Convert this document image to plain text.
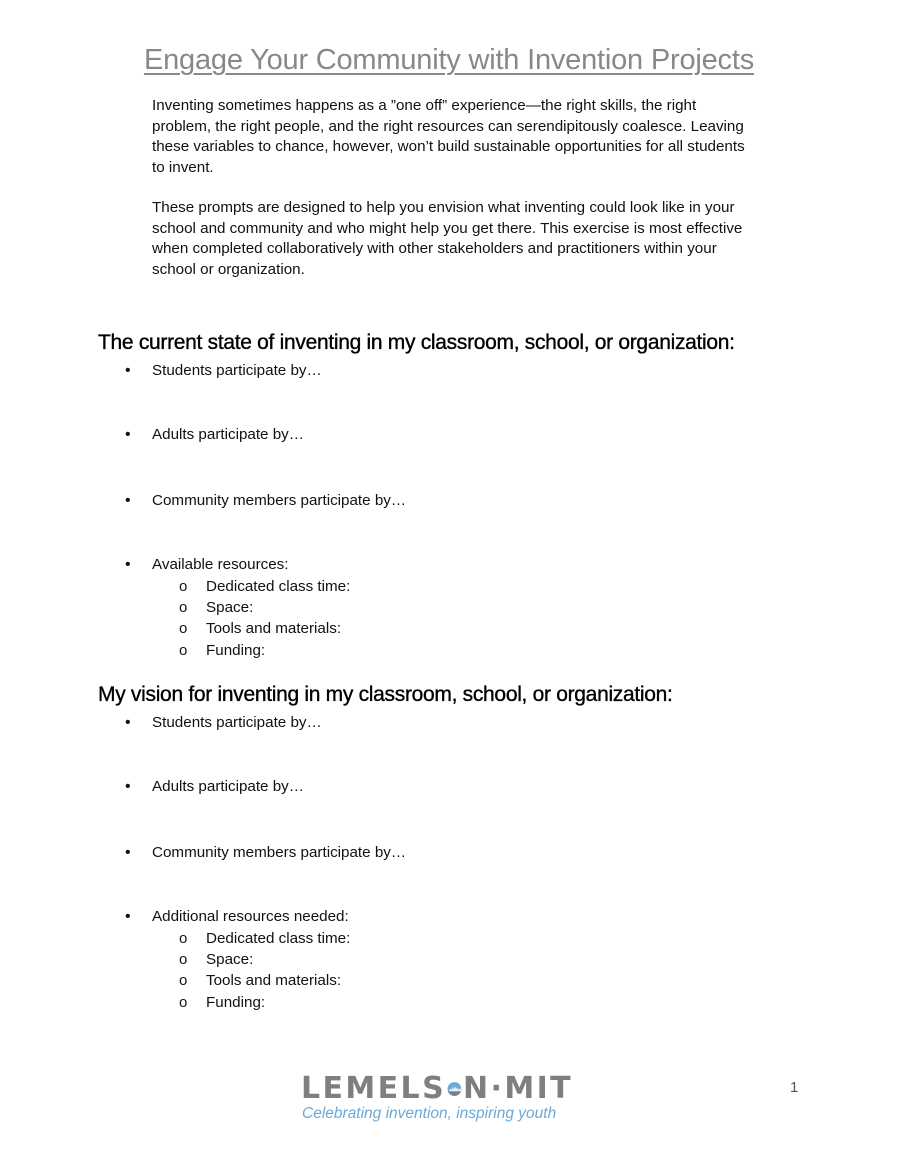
Engage Your Community with Invention Projects

Inventing sometimes happens as a ”one off” experience—the right skills, the right problem, the right people, and the right resources can serendipitously coalesce. Leaving these variables to chance, however, won’t build sustainable opportunities for all students to invent.

These prompts are designed to help you envision what inventing could look like in your school and community and who might help you get there. This exercise is most effective when completed collaboratively with other stakeholders and practitioners within your school or organization.

The current state of inventing in my classroom, school, or organization:
• Students participate by…
• Adults participate by…
• Community members participate by…
• Available resources:
o Dedicated class time:
o Space:
o Tools and materials:
o Funding:
My vision for inventing in my classroom, school, or organization:
• Students participate by…
• Adults participate by…
• Community members participate by…
• Additional resources needed:
o Dedicated class time:
o Space:
o Tools and materials:
o Funding:
LEMELS N·MIT
Celebrating invention, inspiring youth
1
